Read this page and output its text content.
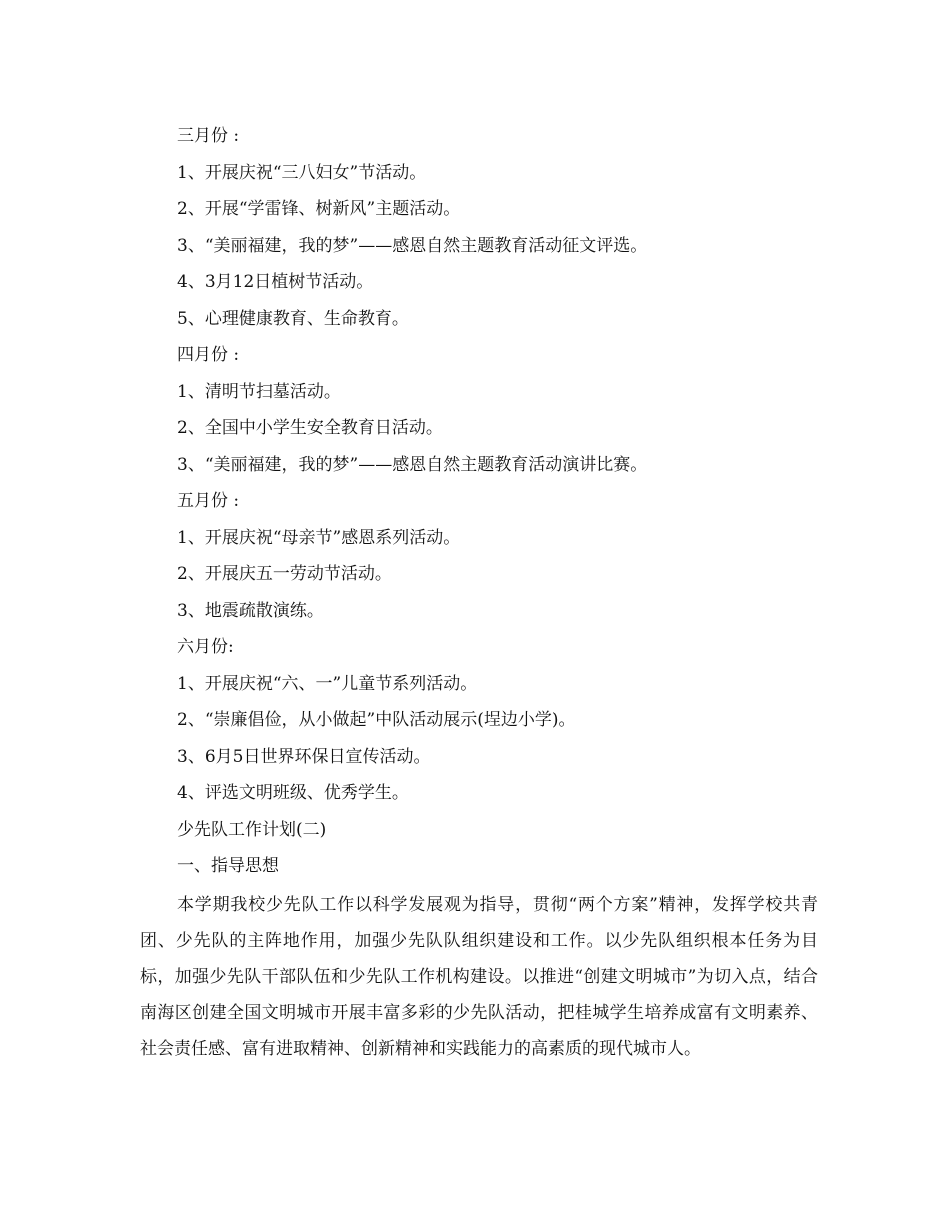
三月份 :
1、开展庆祝“三八妇女”节活动。
2、开展“学雷锋、树新风”主题活动。
3、“美丽福建，我的梦”——感恩自然主题教育活动征文评选。
4、3月12日植树节活动。
5、心理健康教育、生命教育。
四月份 :
1、清明节扫墓活动。
2、全国中小学生安全教育日活动。
3、“美丽福建，我的梦”——感恩自然主题教育活动演讲比赛。
五月份 :
1、开展庆祝“母亲节”感恩系列活动。
2、开展庆五一劳动节活动。
3、地震疏散演练。
六月份:
1、开展庆祝“六、一”儿童节系列活动。
2、“崇廉倡俭，从小做起”中队活动展示(埕边小学)。
3、6月5日世界环保日宣传活动。
4、评选文明班级、优秀学生。
少先队工作计划(二)
一、指导思想
本学期我校少先队工作以科学发展观为指导，贯彻“两个方案”精神，发挥学校共青团、少先队的主阵地作用，加强少先队队组织建设和工作。以少先队组织根本任务为目标，加强少先队干部队伍和少先队工作机构建设。以推进“创建文明城市”为切入点，结合南海区创建全国文明城市开展丰富多彩的少先队活动，把桂城学生培养成富有文明素养、社会责任感、富有进取精神、创新精神和实践能力的高素质的现代城市人。
